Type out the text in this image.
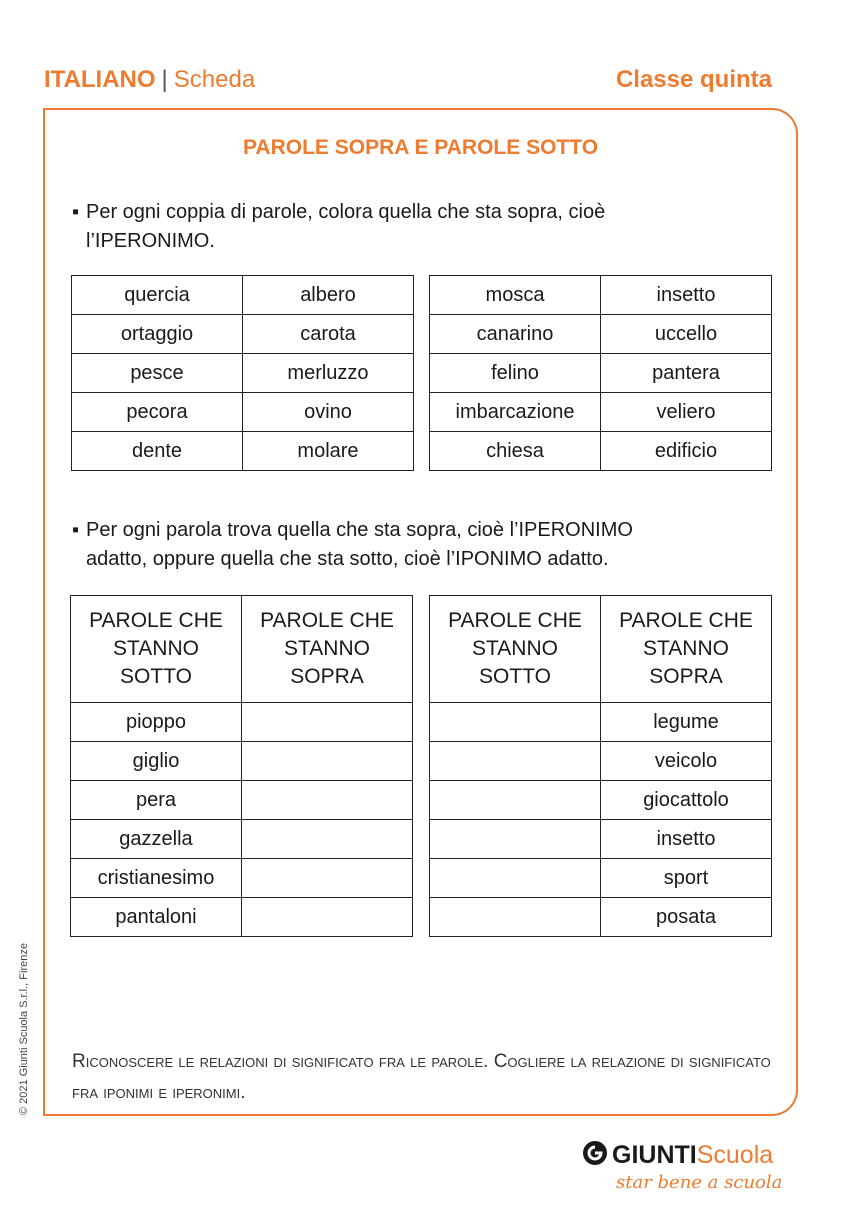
ITALIANO | Scheda	Classe quinta
PAROLE SOPRA E PAROLE SOTTO
▪ Per ogni coppia di parole, colora quella che sta sopra, cioè
l’IPERONIMO.
quercia	albero
ortaggio	carota
pesce	merluzzo
pecora	ovino
dente	molare
mosca	insetto
canarino	uccello
felino	pantera
imbarcazione	veliero
chiesa	edificio
▪ Per ogni parola trova quella che sta sopra, cioè l’IPERONIMO
adatto, oppure quella che sta sotto, cioè l’IPONIMO adatto.
PAROLE CHE
STANNO
SOTTO	PAROLE CHE
STANNO
SOPRA
pioppo	
giglio	
pera	
gazzella	
cristianesimo	
pantaloni	
PAROLE CHE
STANNO
SOTTO	PAROLE CHE
STANNO
SOPRA
	legume
	veicolo
	giocattolo
	insetto
	sport
	posata
Riconoscere le relazioni di significato fra le parole. Cogliere la relazione di significato fra iponimi e iperonimi.
© 2021 Giunti Scuola S.r.l., Firenze
GIUNTIScuola
star bene a scuola
